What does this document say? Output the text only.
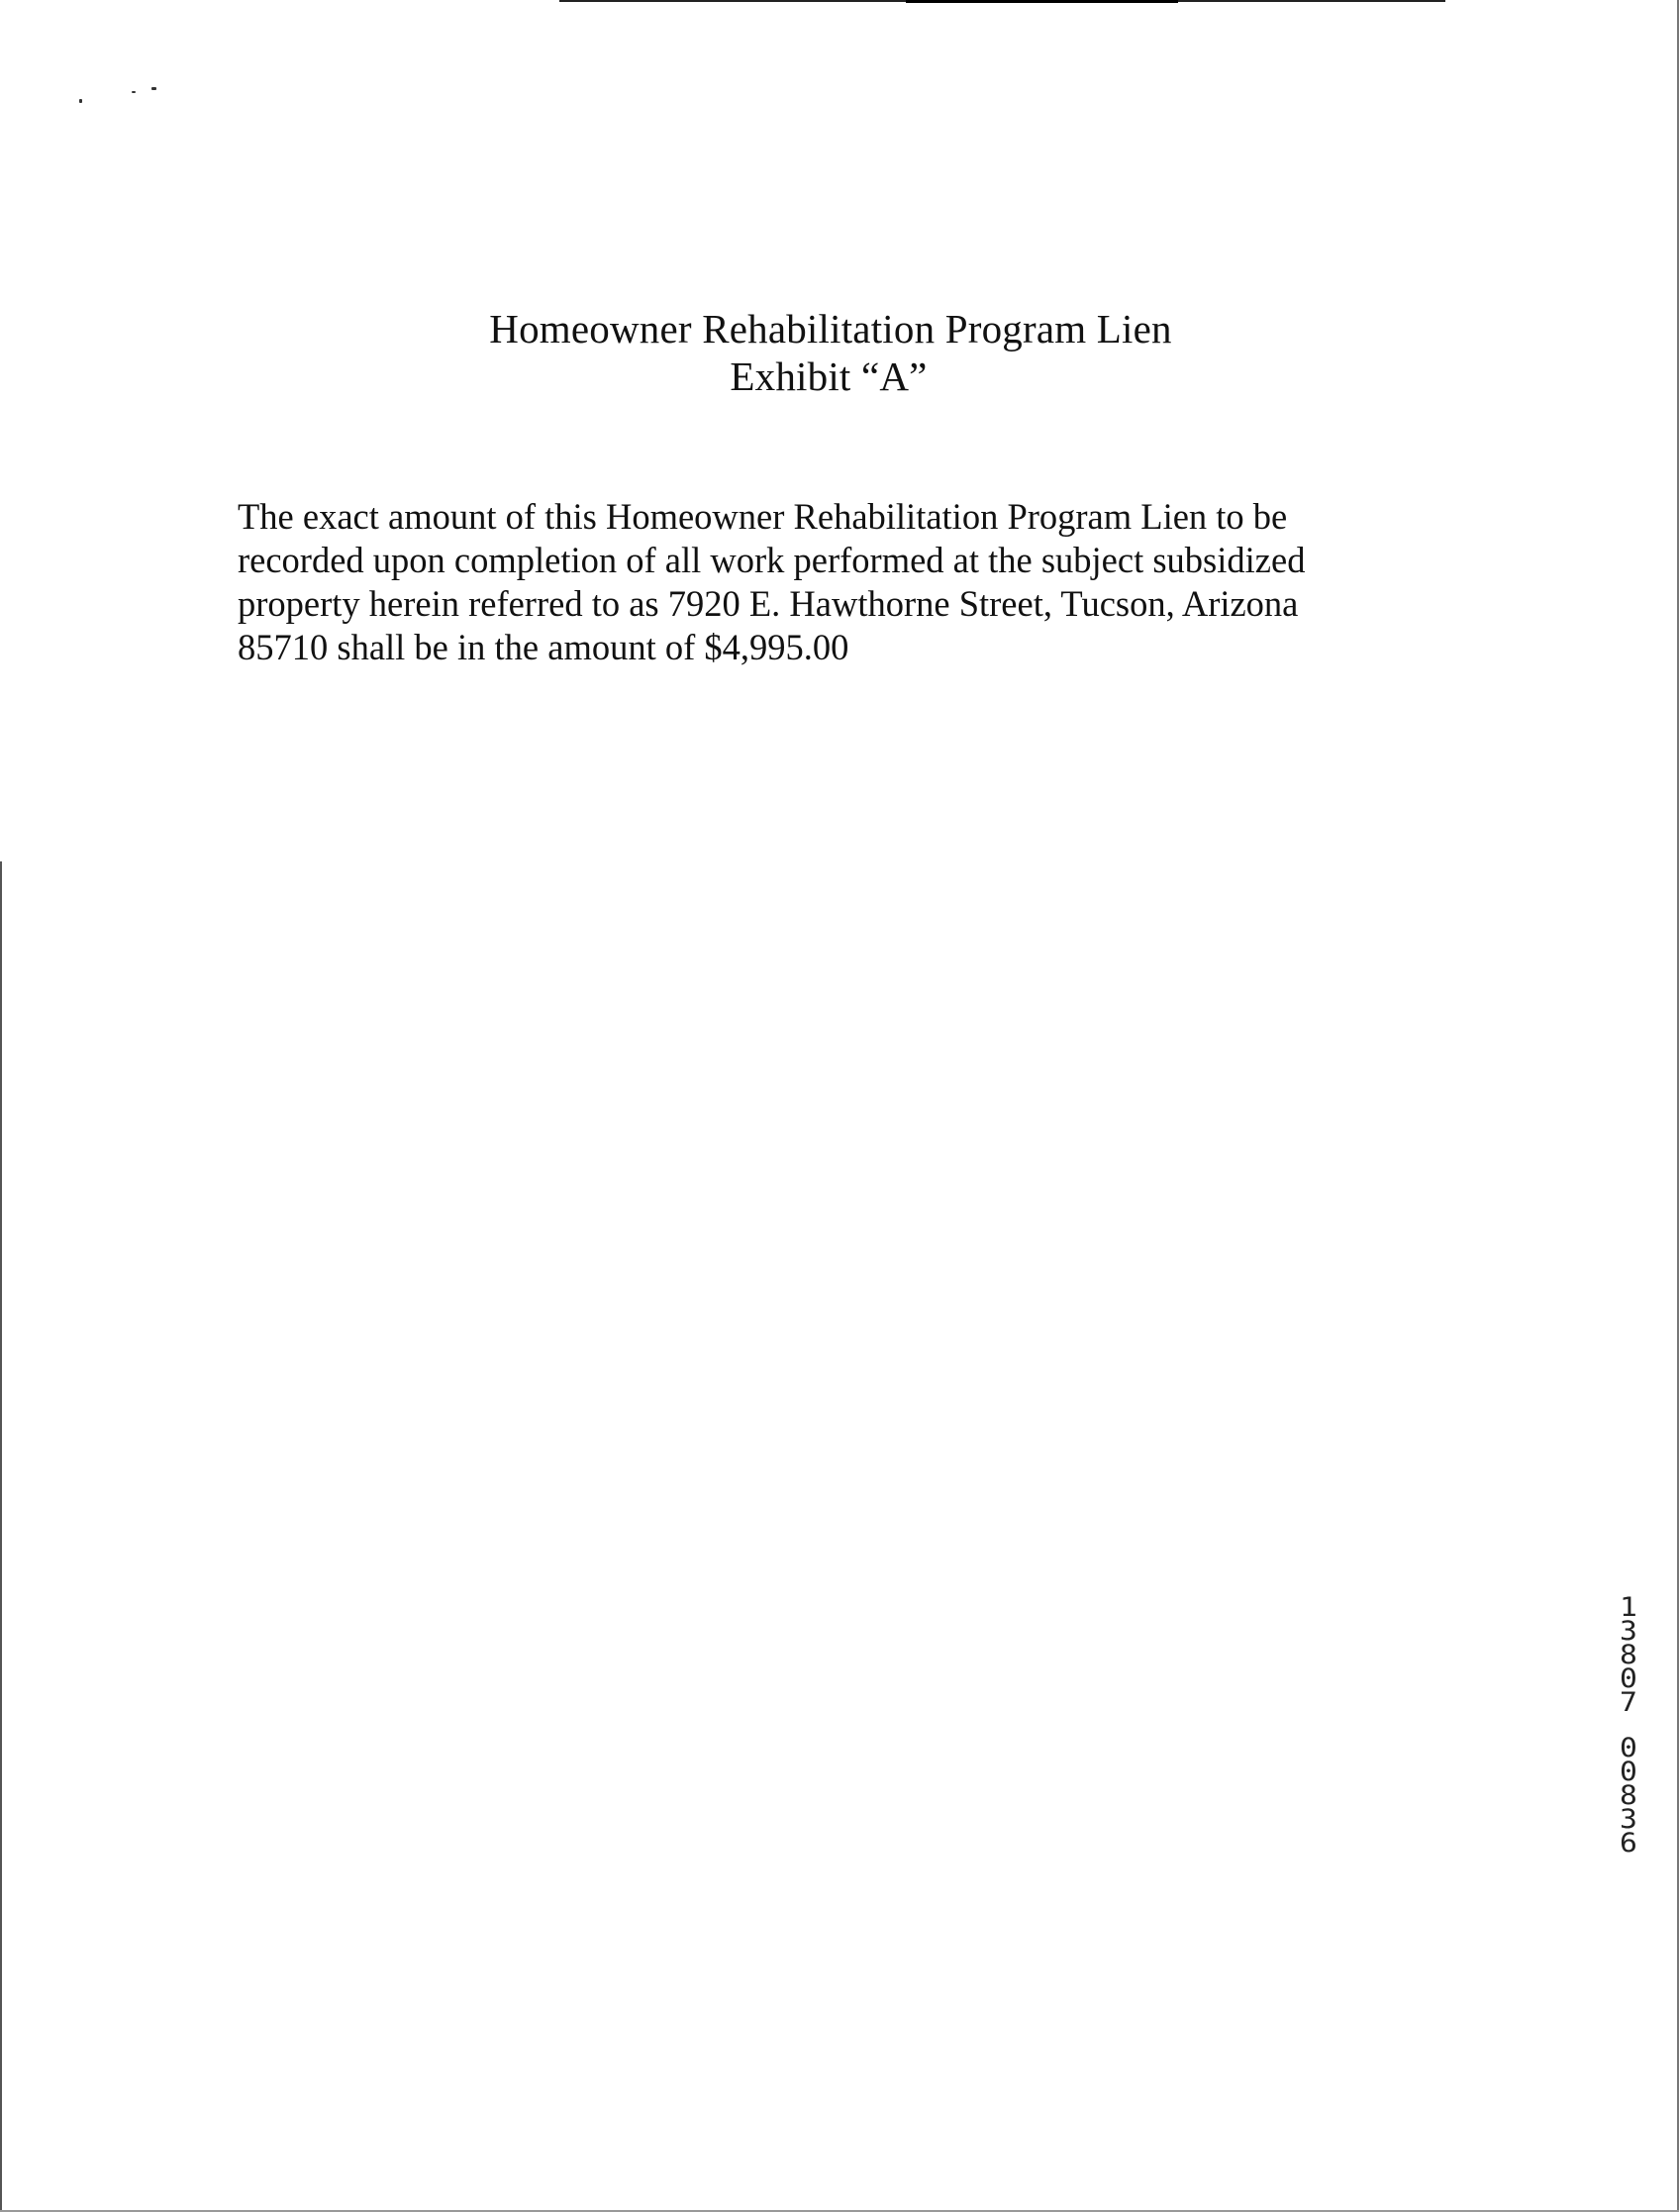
Homeowner Rehabilitation Program Lien
Exhibit “A”
The exact amount of this Homeowner Rehabilitation Program Lien to be
recorded upon completion of all work performed at the subject subsidized
property herein referred to as 7920 E. Hawthorne Street, Tucson, Arizona
85710 shall be in the amount of $4,995.00
1
3
8
0
7
0
0
8
3
6
